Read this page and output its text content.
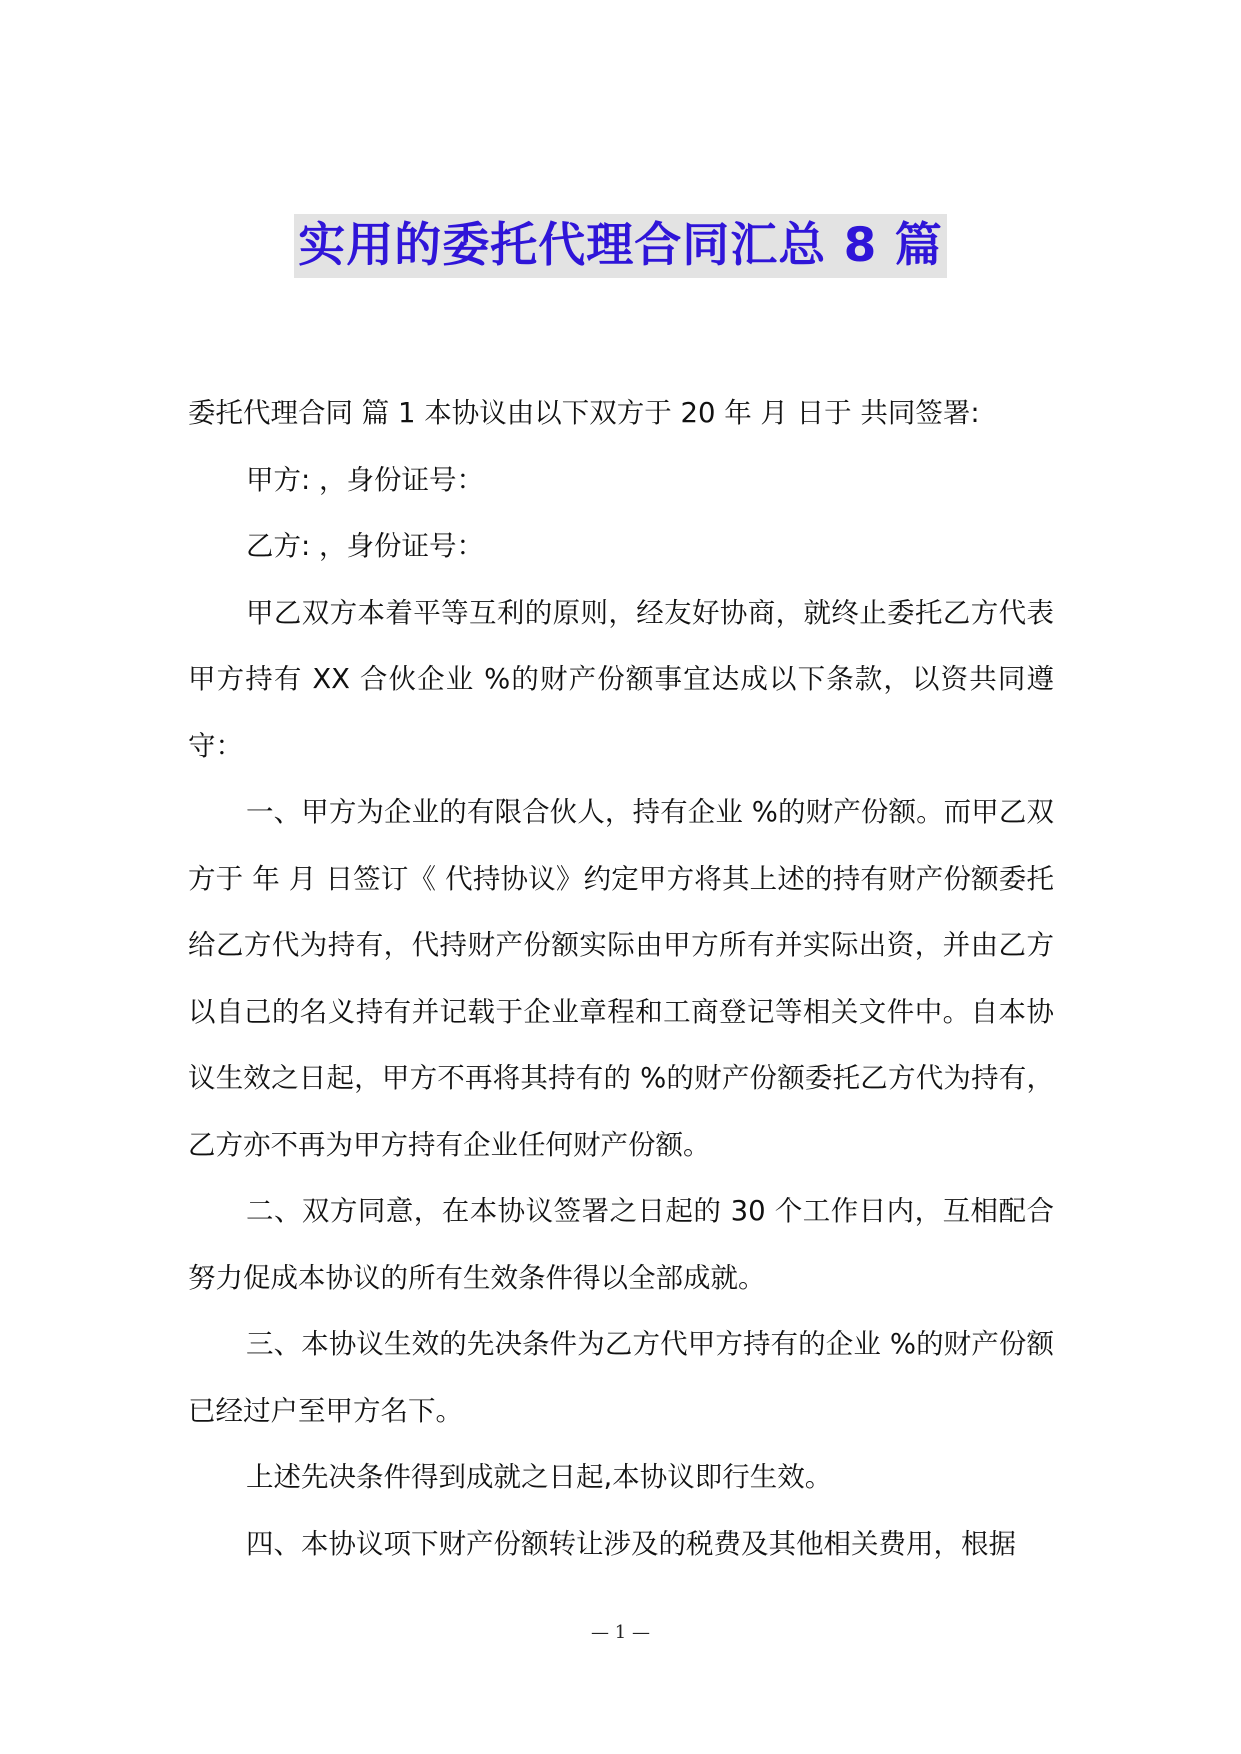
实用的委托代理合同汇总 8 篇

委托代理合同 篇 1 本协议由以下双方于 20 年 月 日于 共同签署:

甲方: ，身份证号：

乙方: ，身份证号：

甲乙双方本着平等互利的原则，经友好协商，就终止委托乙方代表甲方持有 XX 合伙企业 %的财产份额事宜达成以下条款，以资共同遵守：

一、甲方为企业的有限合伙人，持有企业 %的财产份额。而甲乙双方于 年 月 日签订《 代持协议》约定甲方将其上述的持有财产份额委托给乙方代为持有，代持财产份额实际由甲方所有并实际出资，并由乙方以自己的名义持有并记载于企业章程和工商登记等相关文件中。自本协议生效之日起，甲方不再将其持有的 %的财产份额委托乙方代为持有，乙方亦不再为甲方持有企业任何财产份额。

二、双方同意，在本协议签署之日起的 30 个工作日内，互相配合努力促成本协议的所有生效条件得以全部成就。

三、本协议生效的先决条件为乙方代甲方持有的企业 %的财产份额已经过户至甲方名下。

上述先决条件得到成就之日起,本协议即行生效。

四、本协议项下财产份额转让涉及的税费及其他相关费用，根据

— 1 —
